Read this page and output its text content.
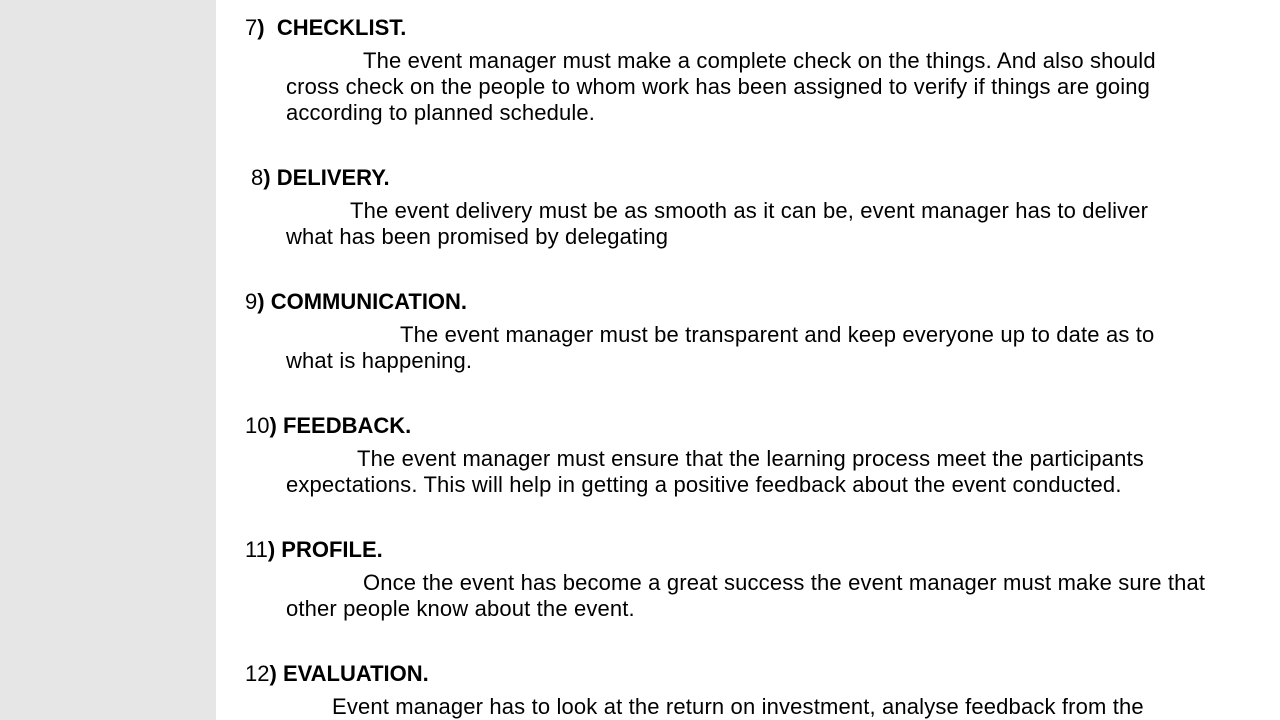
7) CHECKLIST.
The event manager must make a complete check on the things. And also should
cross check on the people to whom work has been assigned to verify if things are going
according to planned schedule.
8) DELIVERY.
The event delivery must be as smooth as it can be, event manager has to deliver
what has been promised by delegating
9) COMMUNICATION.
The event manager must be transparent and keep everyone up to date as to
what is happening.
10) FEEDBACK.
The event manager must ensure that the learning process meet the participants
expectations. This will help in getting a positive feedback about the event conducted.
11) PROFILE.
Once the event has become a great success the event manager must make sure that
other people know about the event.
12) EVALUATION.
Event manager has to look at the return on investment, analyse feedback from the
